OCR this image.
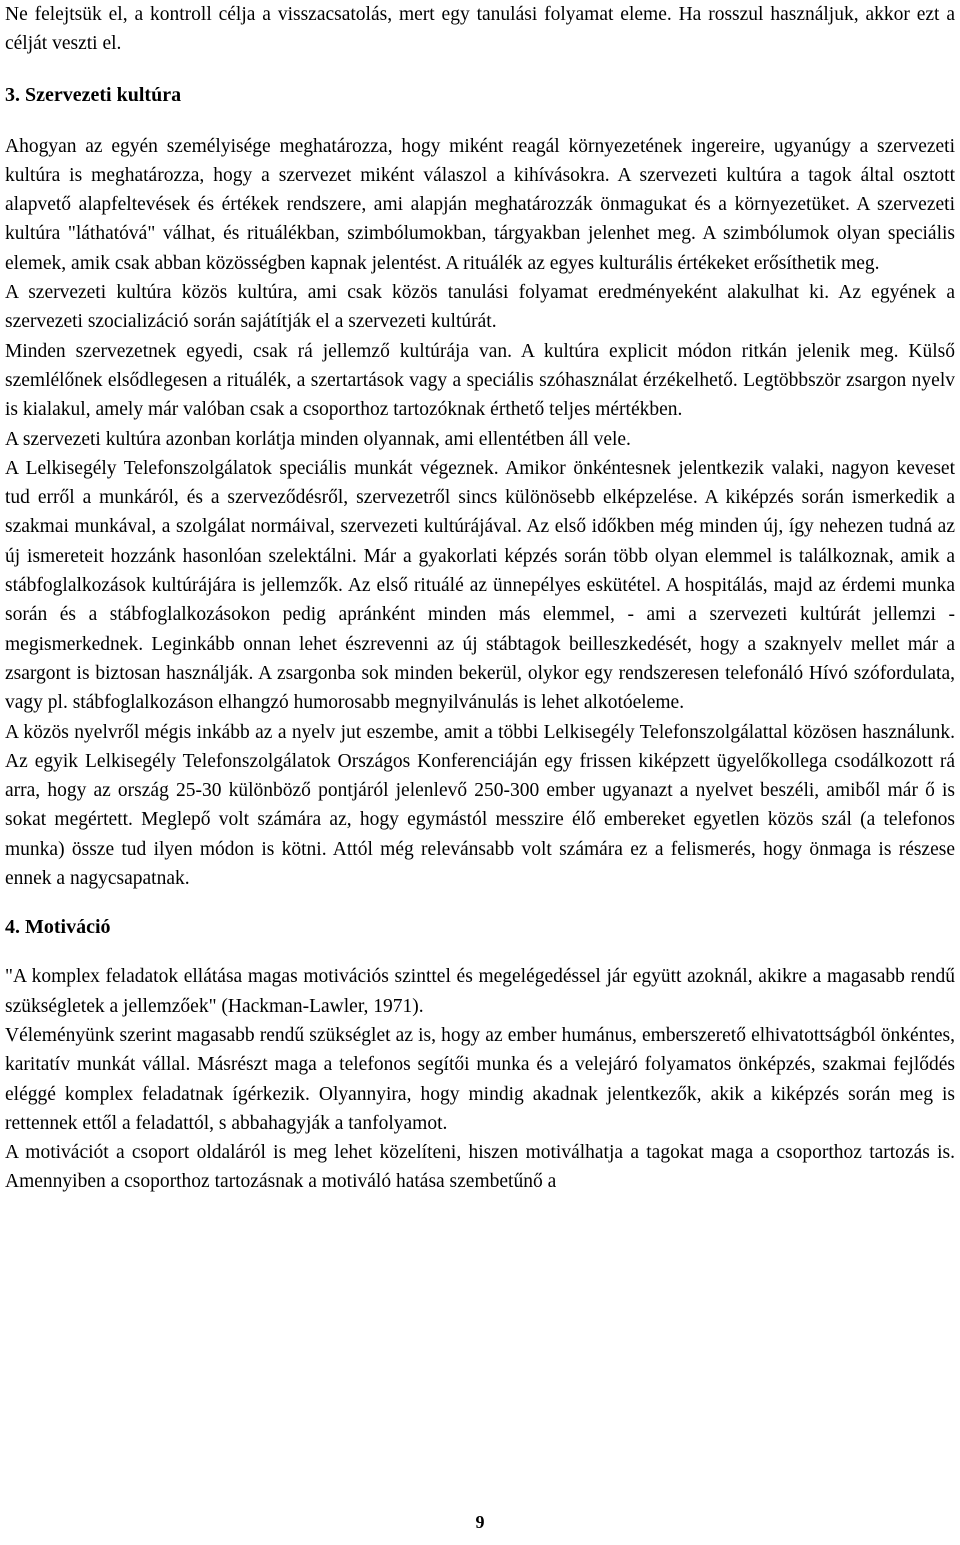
Ne felejtsük el, a kontroll célja a visszacsatolás, mert egy tanulási folyamat eleme. Ha rosszul használjuk, akkor ezt a célját veszti el.

3. Szervezeti kultúra

Ahogyan az egyén személyisége meghatározza, hogy miként reagál környezetének ingereire, ugyanúgy a szervezeti kultúra is meghatározza, hogy a szervezet miként válaszol a kihívásokra. A szervezeti kultúra a tagok által osztott alapvető alapfeltevések és értékek rendszere, ami alapján meghatározzák önmagukat és a környezetüket. A szervezeti kultúra "láthatóvá" válhat, és rituálékban, szimbólumokban, tárgyakban jelenhet meg. A szimbólumok olyan speciális elemek, amik csak abban közösségben kapnak jelentést. A rituálék az egyes kulturális értékeket erősíthetik meg.

A szervezeti kultúra közös kultúra, ami csak közös tanulási folyamat eredményeként alakulhat ki. Az egyének a szervezeti szocializáció során sajátítják el a szervezeti kultúrát.

Minden szervezetnek egyedi, csak rá jellemző kultúrája van. A kultúra explicit módon ritkán jelenik meg. Külső szemlélőnek elsődlegesen a rituálék, a szertartások vagy a speciális szóhasználat érzékelhető. Legtöbbször zsargon nyelv is kialakul, amely már valóban csak a csoporthoz tartozóknak érthető teljes mértékben.

A szervezeti kultúra azonban korlátja minden olyannak, ami ellentétben áll vele.

A Lelkisegély Telefonszolgálatok speciális munkát végeznek. Amikor önkéntesnek jelentkezik valaki, nagyon keveset tud erről a munkáról, és a szerveződésről, szervezetről sincs különösebb elképzelése. A kiképzés során ismerkedik a szakmai munkával, a szolgálat normáival, szervezeti kultúrájával. Az első időkben még minden új, így nehezen tudná az új ismereteit hozzánk hasonlóan szelektálni. Már a gyakorlati képzés során több olyan elemmel is találkoznak, amik a stábfoglalkozások kultúrájára is jellemzők. Az első rituálé az ünnepélyes eskütétel. A hospitálás, majd az érdemi munka során és a stábfoglalkozásokon pedig apránként minden más elemmel, - ami a szervezeti kultúrát jellemzi - megismerkednek. Leginkább onnan lehet észrevenni az új stábtagok beilleszkedését, hogy a szaknyelv mellet már a zsargont is biztosan használják. A zsargonba sok minden bekerül, olykor egy rendszeresen telefonáló Hívó szófordulata, vagy pl. stábfoglalkozáson elhangzó humorosabb megnyilvánulás is lehet alkotóeleme.

A közös nyelvről mégis inkább az a nyelv jut eszembe, amit a többi Lelkisegély Telefonszolgálattal közösen használunk. Az egyik Lelkisegély Telefonszolgálatok Országos Konferenciáján egy frissen kiképzett ügyelőkollega csodálkozott rá arra, hogy az ország 25-30 különböző pontjáról jelenlevő 250-300 ember ugyanazt a nyelvet beszéli, amiből már ő is sokat megértett. Meglepő volt számára az, hogy egymástól messzire élő embereket egyetlen közös szál (a telefonos munka) össze tud ilyen módon is kötni. Attól még relevánsabb volt számára ez a felismerés, hogy önmaga is részese ennek a nagycsapatnak.

4. Motiváció

"A komplex feladatok ellátása magas motivációs szinttel és megelégedéssel jár együtt azoknál, akikre a magasabb rendű szükségletek a jellemzőek" (Hackman-Lawler, 1971).

Véleményünk szerint magasabb rendű szükséglet az is, hogy az ember humánus, emberszerető elhivatottságból önkéntes, karitatív munkát vállal. Másrészt maga a telefonos segítői munka és a velejáró folyamatos önképzés, szakmai fejlődés eléggé komplex feladatnak ígérkezik. Olyannyira, hogy mindig akadnak jelentkezők, akik a kiképzés során meg is rettennek ettől a feladattól, s abbahagyják a tanfolyamot.

A motivációt a csoport oldaláról is meg lehet közelíteni, hiszen motiválhatja a tagokat maga a csoporthoz tartozás is. Amennyiben a csoporthoz tartozásnak a motiváló hatása szembetűnő a

9
